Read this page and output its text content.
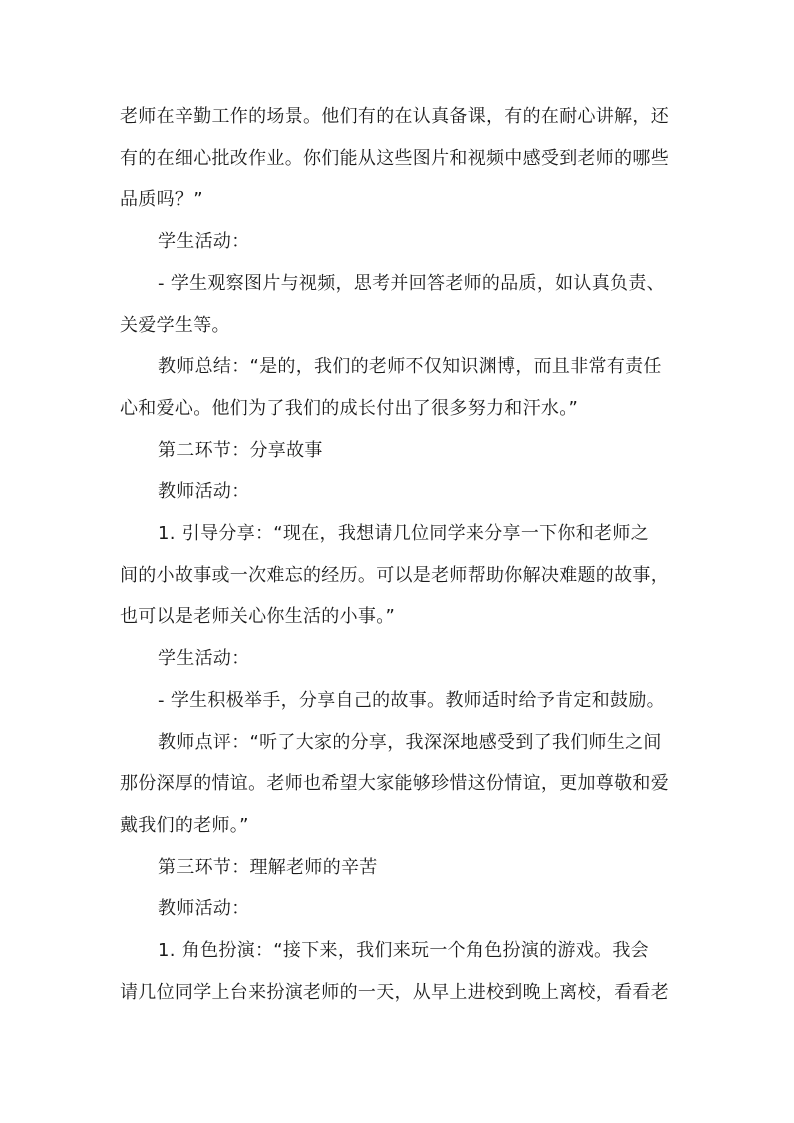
老师在辛勤工作的场景。他们有的在认真备课，有的在耐心讲解，还

有的在细心批改作业。你们能从这些图片和视频中感受到老师的哪些

品质吗？”

学生活动：

- 学生观察图片与视频，思考并回答老师的品质，如认真负责、

关爱学生等。

教师总结：“是的，我们的老师不仅知识渊博，而且非常有责任

心和爱心。他们为了我们的成长付出了很多努力和汗水。”

第二环节：分享故事

教师活动：

1. 引导分享：“现在，我想请几位同学来分享一下你和老师之

间的小故事或一次难忘的经历。可以是老师帮助你解决难题的故事，

也可以是老师关心你生活的小事。”

学生活动：

- 学生积极举手，分享自己的故事。教师适时给予肯定和鼓励。

教师点评：“听了大家的分享，我深深地感受到了我们师生之间

那份深厚的情谊。老师也希望大家能够珍惜这份情谊，更加尊敬和爱

戴我们的老师。”

第三环节：理解老师的辛苦

教师活动：

1. 角色扮演：“接下来，我们来玩一个角色扮演的游戏。我会

请几位同学上台来扮演老师的一天，从早上进校到晚上离校，看看老
